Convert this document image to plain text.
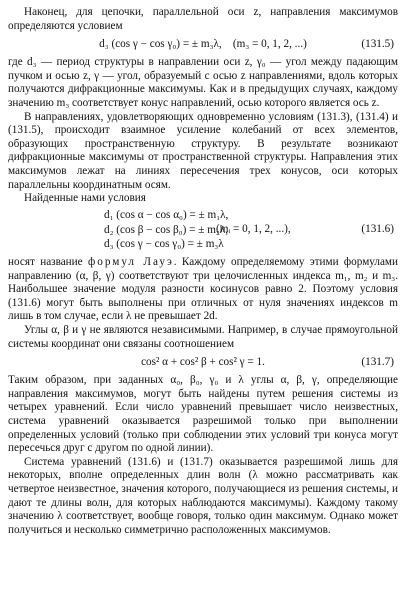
Наконец, для цепочки, параллельной оси z, направления максимумов определяются условием

d₃ (cos γ − cos γ₀) = ± m₃λ, (m₃ = 0, 1, 2, ...)	(131.5)

где d₃ — период структуры в направлении оси z, γ₀ — угол между падающим пучком и осью z, γ — угол, образуемый с осью z направлениями, вдоль которых получаются дифракционные максимумы. Как и в предыдущих случаях, каждому значению m₃ соответствует конус направлений, осью которого является ось z.

В направлениях, удовлетворяющих одновременно условиям (131.3), (131.4) и (131.5), происходит взаимное усиление колебаний от всех элементов, образующих пространственную структуру. В результате возникают дифракционные максимумы от пространственной структуры. Направления этих максимумов лежат на линиях пересечения трех конусов, оси которых параллельны координатным осям.

Найденные нами условия

d₁ (cos α − cos α₀) = ± m₁λ,
d₂ (cos β − cos β₀) = ± m₂λ,
d₃ (cos γ − cos γ₀) = ± m₃λ
(mᵢ = 0, 1, 2, ...),	(131.6)

носят название формул Лауэ. Каждому определяемому этими формулами направлению (α, β, γ) соответствуют три целочисленных индекса m₁, m₂ и m₃. Наибольшее значение модуля разности косинусов равно 2. Поэтому условия (131.6) могут быть выполнены при отличных от нуля значениях индексов m лишь в том случае, если λ не превышает 2d.

Углы α, β и γ не являются независимыми. Например, в случае прямоугольной системы координат они связаны соотношением

cos² α + cos² β + cos² γ = 1.	(131.7)

Таким образом, при заданных α₀, β₀, γ₀ и λ углы α, β, γ, определяющие направления максимумов, могут быть найдены путем решения системы из четырех уравнений. Если число уравнений превышает число неизвестных, система уравнений оказывается разрешимой только при выполнении определенных условий (только при соблюдении этих условий три конуса могут пересечься друг с другом по одной линии).

Система уравнений (131.6) и (131.7) оказывается разрешимой лишь для некоторых, вполне определенных длин волн (λ можно рассматривать как четвертое неизвестное, значения которого, получающиеся из решения системы, и дают те длины волн, для которых наблюдаются максимумы). Каждому такому значению λ соответствует, вообще говоря, только один максимум. Однако может получиться и несколько симметрично расположенных максимумов.
